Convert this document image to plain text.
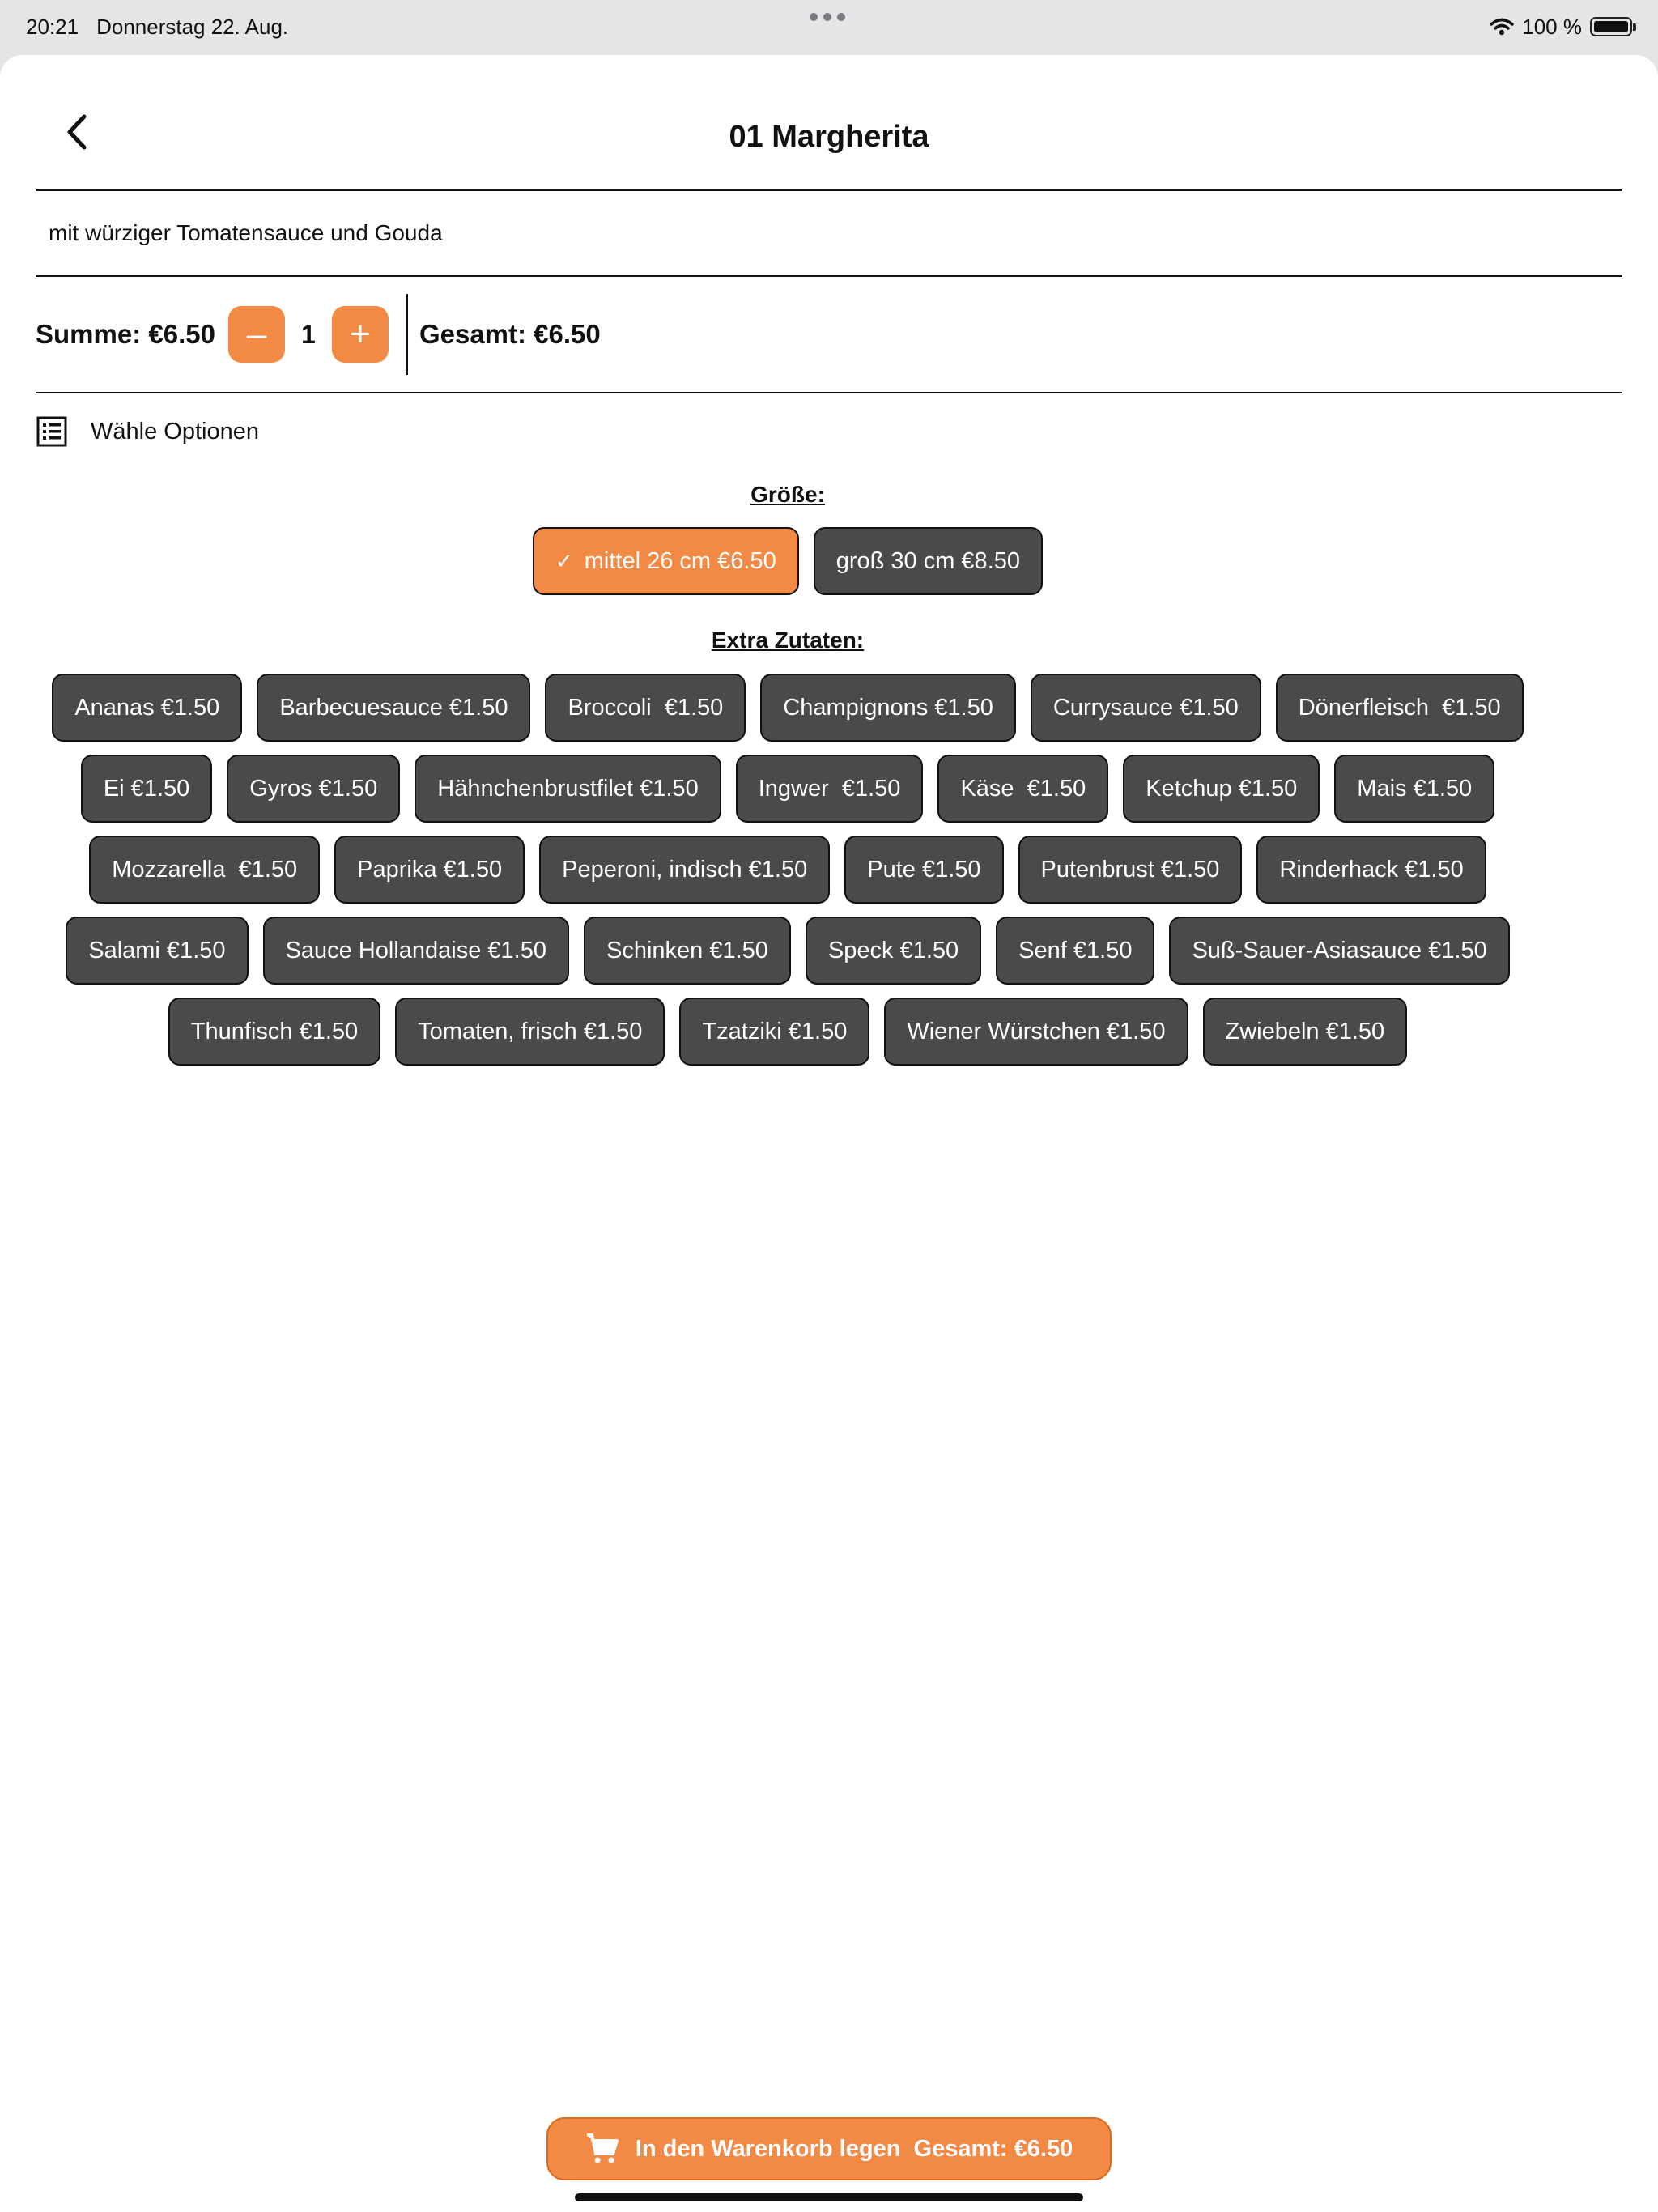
20:21 Donnerstag 22. Aug.	100 %
01 Margherita
mit würziger Tomatensauce und Gouda
Summe: €6.50 –	1 +	Gesamt: €6.50
Wähle Optionen
Größe:
✓ mittel 26 cm €6.50	groß 30 cm €8.50
Extra Zutaten:
Ananas €1.50	Barbecuesauce €1.50	Broccoli  €1.50	Champignons €1.50	Currysauce €1.50	Dönerfleisch  €1.50
Ei €1.50	Gyros €1.50	Hähnchenbrustfilet €1.50	Ingwer  €1.50	Käse  €1.50	Ketchup €1.50	Mais €1.50
Mozzarella  €1.50	Paprika €1.50	Peperoni, indisch €1.50	Pute €1.50	Putenbrust €1.50	Rinderhack €1.50
Salami €1.50	Sauce Hollandaise €1.50	Schinken €1.50	Speck €1.50	Senf €1.50	Suß-Sauer-Asiasauce €1.50
Thunfisch €1.50	Tomaten, frisch €1.50	Tzatziki €1.50	Wiener Würstchen €1.50	Zwiebeln €1.50
In den Warenkorb legen  Gesamt: €6.50
